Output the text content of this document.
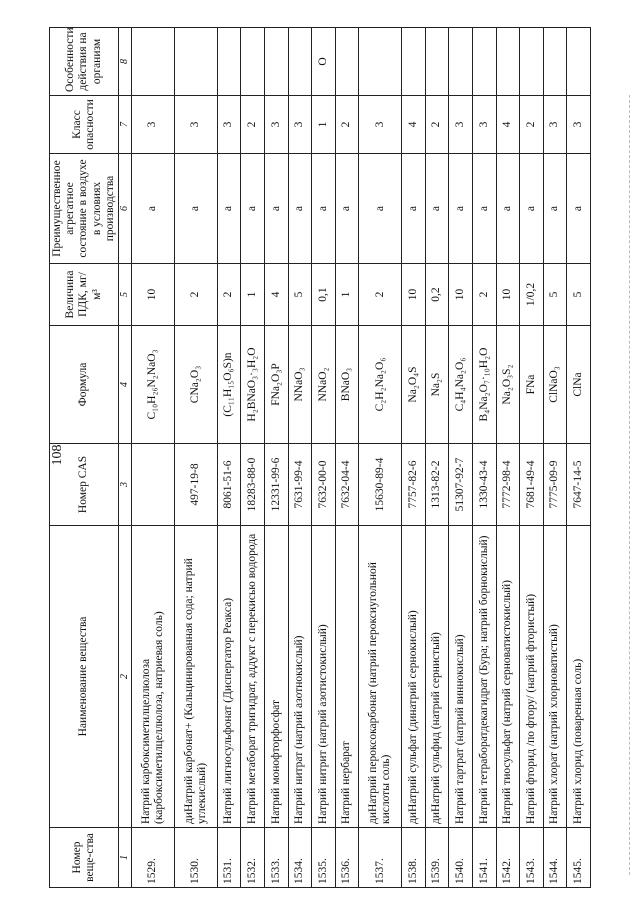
108
Номер веще-ства	Наименование вещества	Номер CAS	Формула	Величина ПДК, мг/м³	Преимущественное агрегатное состояние в воздухе в условиях производства	Класс опасности	Особенности действия на организм
1	2	3	4	5	6	7	8
1529.	Натрий карбоксиметилцеллюлоза (карбоксиметилцеллюлоза, натриевая соль)		C₁₀H₂₆N₂NaO₃	10	а	3	
1530.	диНатрий карбонат+ (Кальцинированная сода; натрий углекислый)	497-19-8	CNa₂O₃	2	а	3	
1531.	Натрий лигносульфонат (Диспергатор Реакса)	8061-51-6	(C₁₁H₁₅O₆S)n	2	а	3	
1532.	Натрий метаборат тригидрат, аддукт с перекисью водорода	18283-88-0	H₂BNaO₃·₃H₂O	1	а	2	
1533.	Натрий монофторфосфат	12331-99-6	FNa₂O₃P	4	а	3	
1534.	Натрий нитрат (натрий азотнокислый)	7631-99-4	NNaO₃	5	а	3	
1535.	Натрий нитрит (натрий азотистокислый)	7632-00-0	NNaO₂	0,1	а	1	О
1536.	Натрий нербарат	7632-04-4	BNaO₃	1	а	2	
1537.	диНатрий пероксокарбонат (натрий пероксиугольной кислоты соль)	15630-89-4	C₂H₂Na₂O₆	2	а	3	
1538.	диНатрий сульфат (динатрий сернокислый)	7757-82-6	Na₂O₄S	10	а	4	
1539.	диНатрий сульфид (натрий сернистый)	1313-82-2	Na₂S	0,2	а	2	
1540.	Натрий тартрат (натрий виннокислый)	51307-92-7	C₄H₄Na₂O₆	10	а	3	
1541.	Натрий тетраборатдекагидрат (Бура; натрий борнокислый)	1330-43-4	B₄Na₂O₇·₁₀H₂O	2	а	3	
1542.	Натрий тиосульфат (натрий серноватистокислый)	7772-98-4	Na₂O₃S₂	10	а	4	
1543.	Натрий фторид /по фтору/ (натрий фтористый)	7681-49-4	FNa	1/0,2	а	2	
1544.	Натрий хлорат (натрий хлорноватистый)	7775-09-9	ClNaO₃	5	а	3	
1545.	Натрий хлорид (поваренная соль)	7647-14-5	ClNa	5	а	3	
